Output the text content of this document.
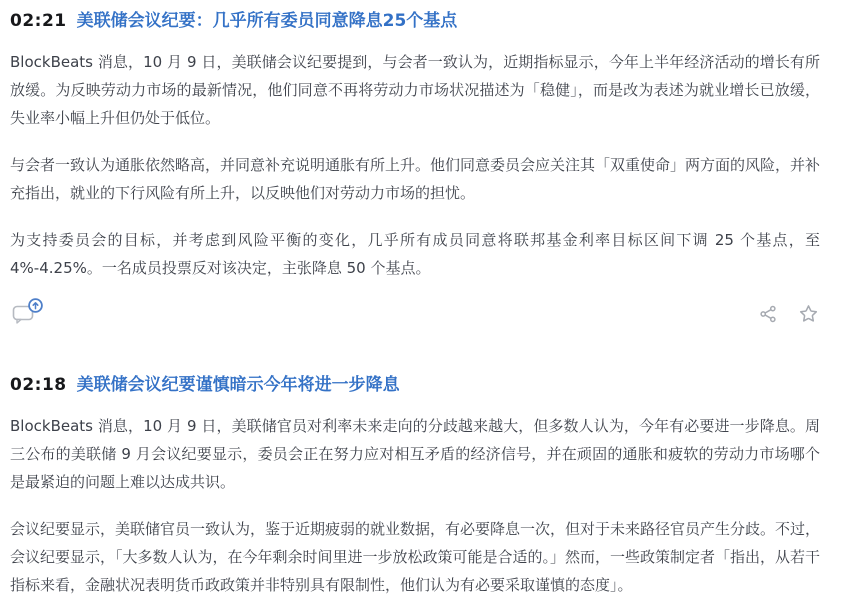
02:21 美联储会议纪要：几乎所有委员同意降息25个基点

BlockBeats 消息，10 月 9 日，美联储会议纪要提到，与会者一致认为，近期指标显示，今年上半年经济活动的增长有所放缓。为反映劳动力市场的最新情况，他们同意不再将劳动力市场状况描述为「稳健」，而是改为表述为就业增长已放缓，失业率小幅上升但仍处于低位。

与会者一致认为通胀依然略高，并同意补充说明通胀有所上升。他们同意委员会应关注其「双重使命」两方面的风险，并补充指出，就业的下行风险有所上升，以反映他们对劳动力市场的担忧。

为支持委员会的目标，并考虑到风险平衡的变化，几乎所有成员同意将联邦基金利率目标区间下调 25 个基点，至 4%-4.25%。一名成员投票反对该决定，主张降息 50 个基点。

02:18 美联储会议纪要谨慎暗示今年将进一步降息

BlockBeats 消息，10 月 9 日，美联储官员对利率未来走向的分歧越来越大，但多数人认为，今年有必要进一步降息。周三公布的美联储 9 月会议纪要显示，委员会正在努力应对相互矛盾的经济信号，并在顽固的通胀和疲软的劳动力市场哪个是最紧迫的问题上难以达成共识。

会议纪要显示，美联储官员一致认为，鉴于近期疲弱的就业数据，有必要降息一次，但对于未来路径官员产生分歧。不过，会议纪要显示，「大多数人认为，在今年剩余时间里进一步放松政策可能是合适的。」然而，一些政策制定者「指出，从若干指标来看，金融状况表明货币政政策并非特别具有限制性，他们认为有必要采取谨慎的态度」。
